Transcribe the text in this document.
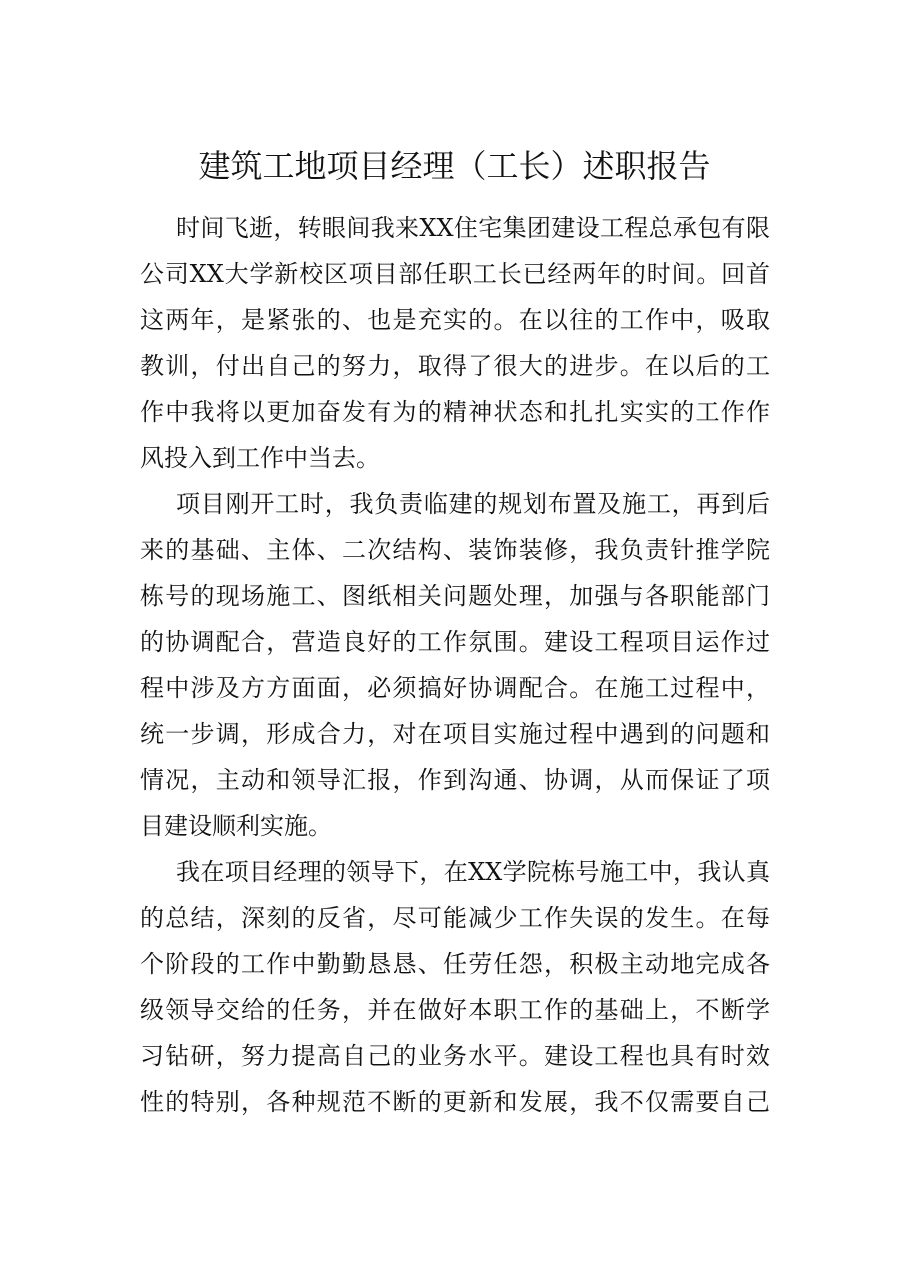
建筑工地项目经理（工长）述职报告
时间飞逝，转眼间我来XX住宅集团建设工程总承包有限
公司XX大学新校区项目部任职工长已经两年的时间。回首
这两年，是紧张的、也是充实的。在以往的工作中，吸取
教训，付出自己的努力，取得了很大的进步。在以后的工
作中我将以更加奋发有为的精神状态和扎扎实实的工作作
风投入到工作中当去。
项目刚开工时，我负责临建的规划布置及施工，再到后
来的基础、主体、二次结构、装饰装修，我负责针推学院
栋号的现场施工、图纸相关问题处理，加强与各职能部门
的协调配合，营造良好的工作氛围。建设工程项目运作过
程中涉及方方面面，必须搞好协调配合。在施工过程中，
统一步调，形成合力，对在项目实施过程中遇到的问题和
情况，主动和领导汇报，作到沟通、协调，从而保证了项
目建设顺利实施。
我在项目经理的领导下，在XX学院栋号施工中，我认真
的总结，深刻的反省，尽可能减少工作失误的发生。在每
个阶段的工作中勤勤恳恳、任劳任怨，积极主动地完成各
级领导交给的任务，并在做好本职工作的基础上，不断学
习钻研，努力提高自己的业务水平。建设工程也具有时效
性的特别，各种规范不断的更新和发展，我不仅需要自己
